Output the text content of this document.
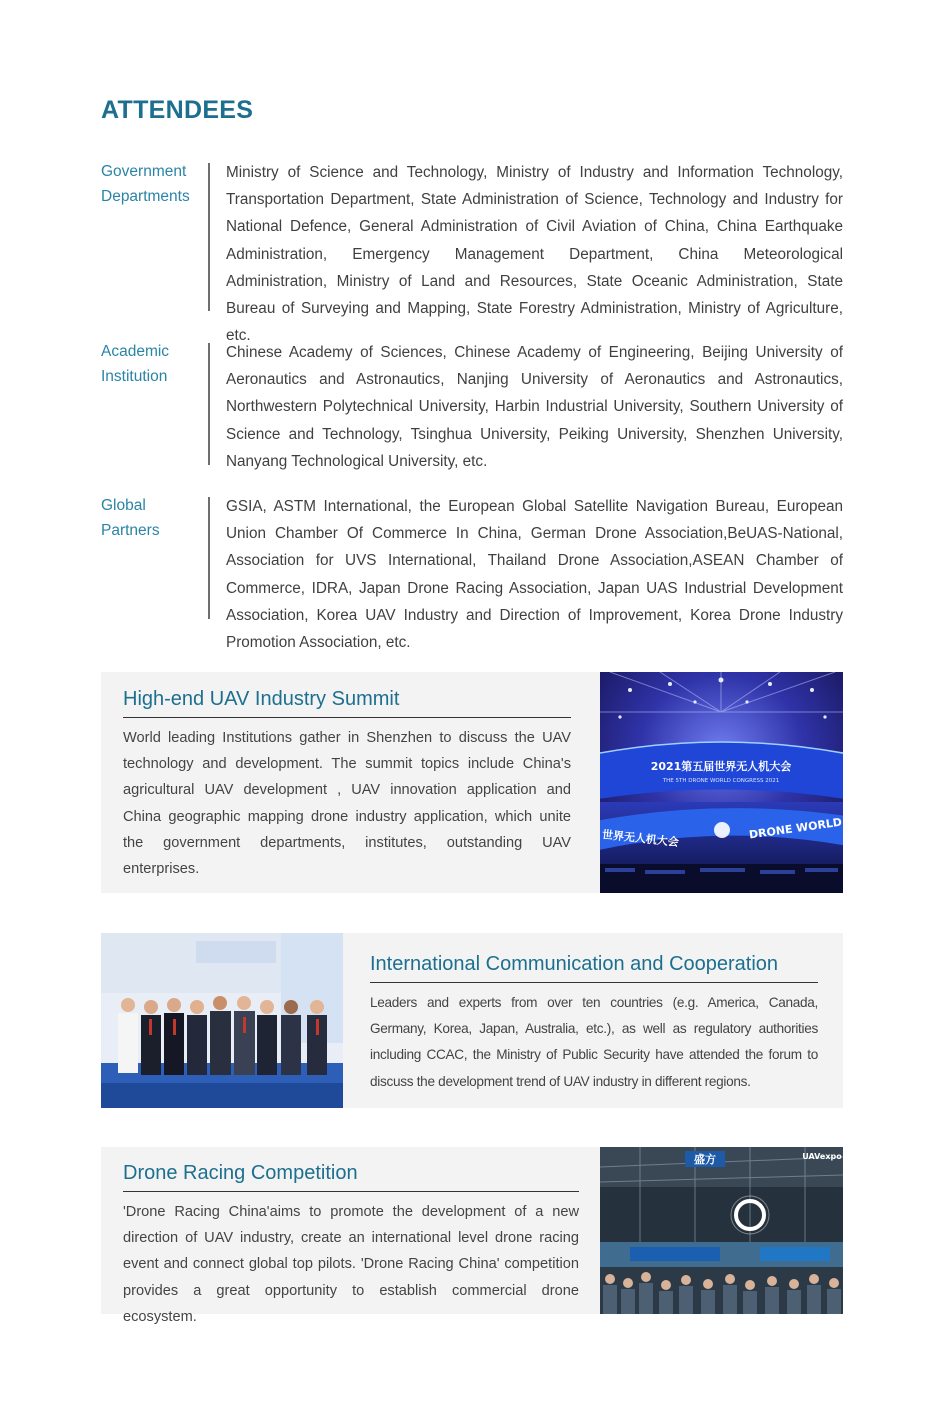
ATTENDEES
Government
Departments

Ministry of Science and Technology, Ministry of Industry and Information Technology, Transportation Department, State Administration of Science, Technology and Industry for National Defence, General Administration of Civil Aviation of China, China Earthquake Administration, Emergency Management Department, China Meteorological Administration, Ministry of Land and Resources, State Oceanic Administration, State Bureau of Surveying and Mapping, State Forestry Administration, Ministry of Agriculture, etc.

Academic
Institution

Chinese Academy of Sciences, Chinese Academy of Engineering, Beijing University of Aeronautics and Astronautics, Nanjing University of Aeronautics and Astronautics, Northwestern Polytechnical University, Harbin Industrial University, Southern University of Science and Technology, Tsinghua University, Peiking University, Shenzhen University, Nanyang Technological University, etc.

Global
Partners

GSIA, ASTM International, the European Global Satellite Navigation Bureau, European Union Chamber Of Commerce In China, German Drone Association,BeUAS-National, Association for UVS International, Thailand Drone Association,ASEAN Chamber of Commerce, IDRA, Japan Drone Racing Association, Japan UAS Industrial Development Association, Korea UAV Industry and Direction of Improvement, Korea Drone Industry Promotion Association, etc.

High-end UAV Industry Summit

World leading Institutions gather in Shenzhen to discuss the UAV technology and development. The summit topics include China's agricultural UAV development , UAV innovation application and China geographic mapping drone industry application, which unite the government departments, institutes, outstanding UAV enterprises.

2021第五届世界无人机大会
THE 5TH DRONE WORLD CONGRESS 2021
世界无人机大会	DRONE WORLD
International Communication and Cooperation

Leaders and experts from over ten countries (e.g. America, Canada, Germany, Korea, Japan, Australia, etc.), as well as regulatory authorities including CCAC, the Ministry of Public Security have attended the forum to discuss the development trend of UAV industry in different regions.

Drone Racing Competition

'Drone Racing China'aims to promote the development of a new direction of UAV industry, create an international level drone racing event and connect global top pilots. 'Drone Racing China' competition provides a great opportunity to establish commercial drone ecosystem.

盛方	UAVexpo
